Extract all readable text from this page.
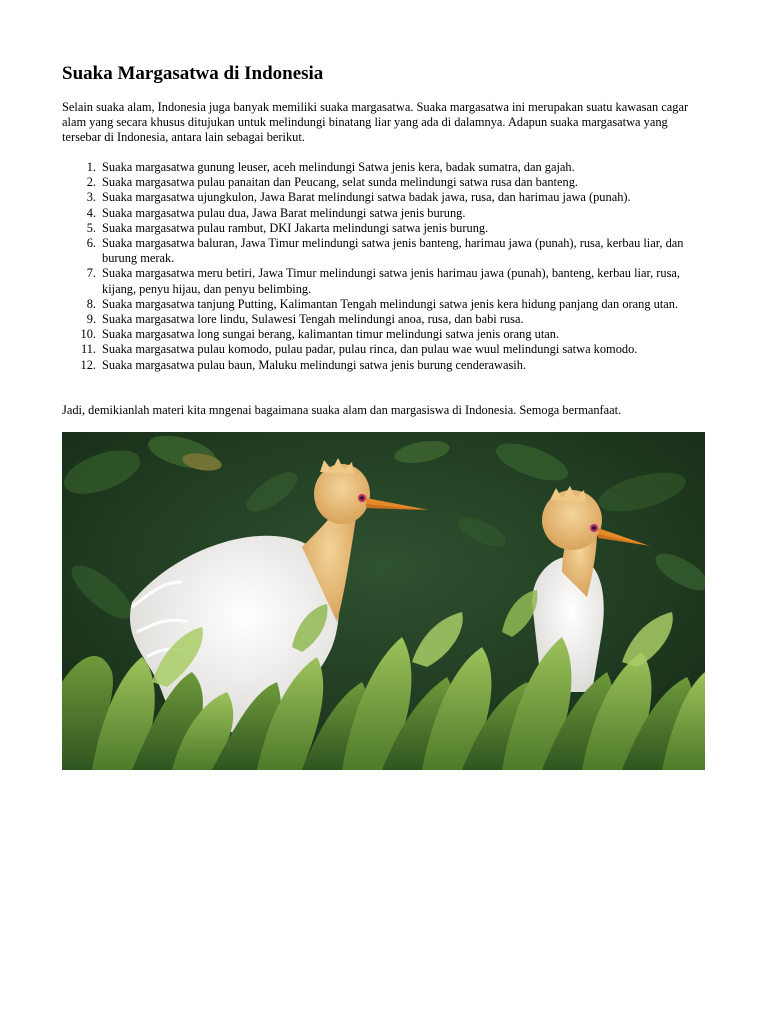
Suaka Margasatwa di Indonesia

Selain suaka alam, Indonesia juga banyak memiliki suaka margasatwa. Suaka margasatwa ini merupakan suatu kawasan cagar alam yang secara khusus ditujukan untuk melindungi binatang liar yang ada di dalamnya. Adapun suaka margasatwa yang tersebar di Indonesia, antara lain sebagai berikut.

1. Suaka margasatwa gunung leuser, aceh melindungi Satwa jenis kera, badak sumatra, dan gajah.
2. Suaka margasatwa pulau panaitan dan Peucang, selat sunda melindungi satwa rusa dan banteng.
3. Suaka margasatwa ujungkulon, Jawa Barat melindungi satwa badak jawa, rusa, dan harimau jawa (punah).
4. Suaka margasatwa pulau dua, Jawa Barat melindungi satwa jenis burung.
5. Suaka margasatwa pulau rambut, DKI Jakarta melindungi satwa jenis burung.
6. Suaka margasatwa baluran, Jawa Timur melindungi satwa jenis banteng, harimau jawa (punah), rusa, kerbau liar, dan burung merak.
7. Suaka margasatwa meru betiri, Jawa Timur melindungi satwa jenis harimau jawa (punah), banteng, kerbau liar, rusa, kijang, penyu hijau, dan penyu belimbing.
8. Suaka margasatwa tanjung Putting, Kalimantan Tengah melindungi satwa jenis kera hidung panjang dan orang utan.
9. Suaka margasatwa lore lindu, Sulawesi Tengah melindungi anoa, rusa, dan babi rusa.
10. Suaka margasatwa long sungai berang, kalimantan timur melindungi satwa jenis orang utan.
11. Suaka margasatwa pulau komodo, pulau padar, pulau rinca, dan pulau wae wuul melindungi satwa komodo.
12. Suaka margasatwa pulau baun, Maluku melindungi satwa jenis burung cenderawasih.

Jadi, demikianlah materi kita mngenai bagaimana suaka alam dan margasiswa di Indonesia. Semoga bermanfaat.
